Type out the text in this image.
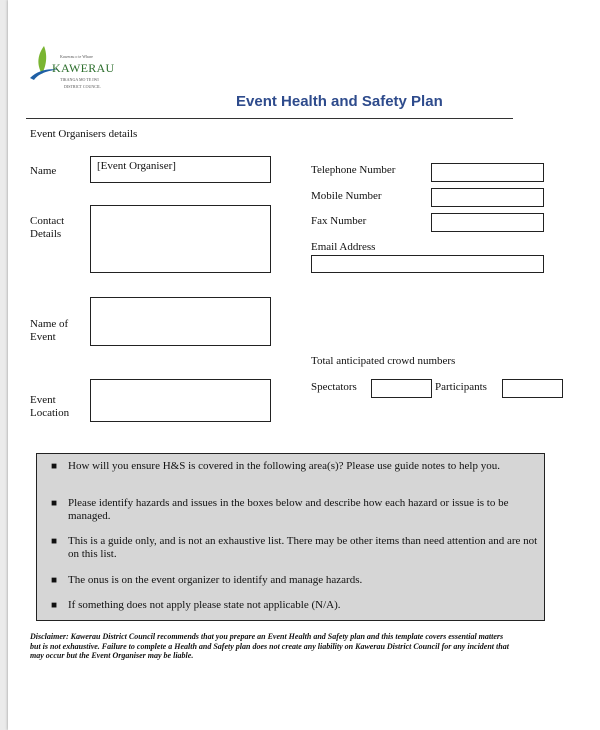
Kawerau o te Whare
KAWERAU
TIKANGA MO TE IWI
DISTRICT COUNCIL
Event Health and Safety Plan
Event Organisers details
Name	[Event Organiser]
Contact
Details
Name of
Event
Event
Location
Telephone Number
Mobile Number
Fax Number
Email Address
Total anticipated crowd numbers
Spectators	Participants
■ How will you ensure H&S is covered in the following area(s)? Please use guide notes to help you.
■ Please identify hazards and issues in the boxes below and describe how each hazard or issue is to be managed.
■ This is a guide only, and is not an exhaustive list. There may be other items than need attention and are not on this list.
■ The onus is on the event organizer to identify and manage hazards.
■ If something does not apply please state not applicable (N/A).
Disclaimer: Kawerau District Council recommends that you prepare an Event Health and Safety plan and this template covers essential matters but is not exhaustive. Failure to complete a Health and Safety plan does not create any liability on Kawerau District Council for any incident that may occur but the Event Organiser may be liable.
